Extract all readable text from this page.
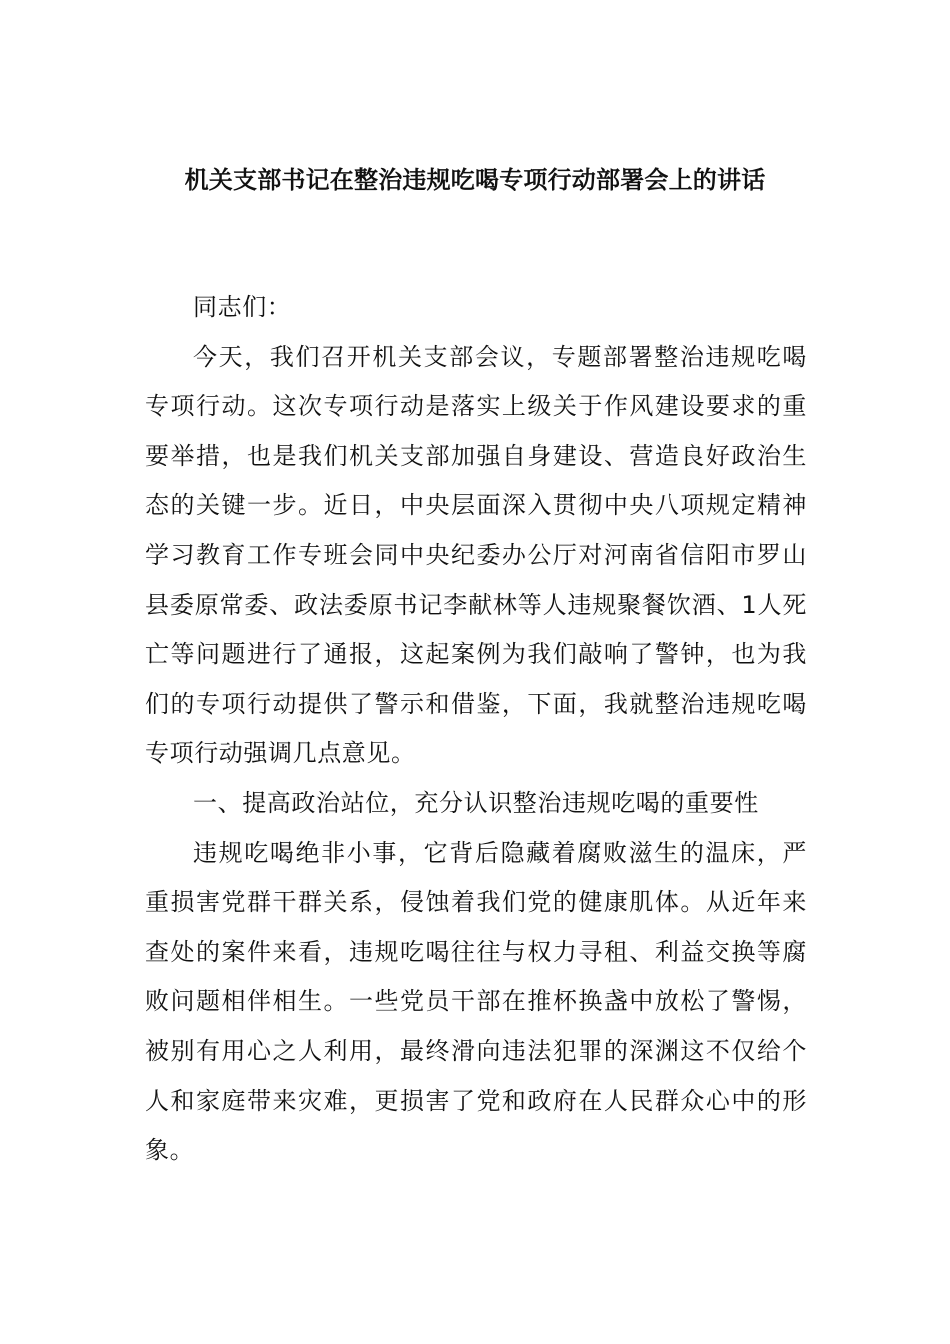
机关支部书记在整治违规吃喝专项行动部署会上的讲话

同志们：

今天，我们召开机关支部会议，专题部署整治违规吃喝专项行动。这次专项行动是落实上级关于作风建设要求的重要举措，也是我们机关支部加强自身建设、营造良好政治生态的关键一步。近日，中央层面深入贯彻中央八项规定精神学习教育工作专班会同中央纪委办公厅对河南省信阳市罗山县委原常委、政法委原书记李献林等人违规聚餐饮酒、1人死亡等问题进行了通报，这起案例为我们敲响了警钟，也为我们的专项行动提供了警示和借鉴，下面，我就整治违规吃喝专项行动强调几点意见。

一、提高政治站位，充分认识整治违规吃喝的重要性

违规吃喝绝非小事，它背后隐藏着腐败滋生的温床，严重损害党群干群关系，侵蚀着我们党的健康肌体。从近年来查处的案件来看，违规吃喝往往与权力寻租、利益交换等腐败问题相伴相生。一些党员干部在推杯换盏中放松了警惕，被别有用心之人利用，最终滑向违法犯罪的深渊这不仅给个人和家庭带来灾难，更损害了党和政府在人民群众心中的形象。
